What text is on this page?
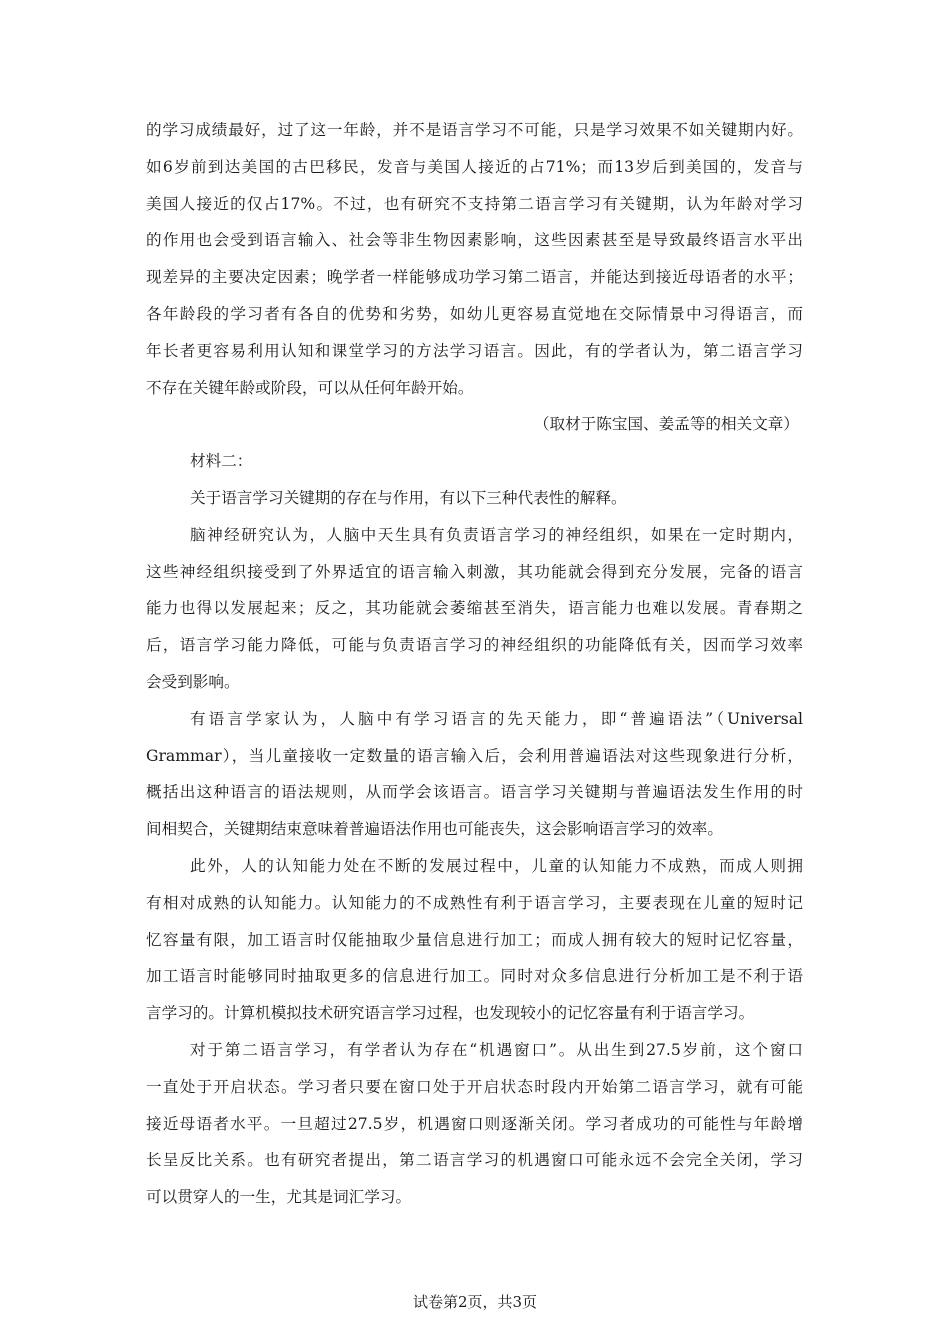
的学习成绩最好，过了这一年龄，并不是语言学习不可能，只是学习效果不如关键期内好。
如6岁前到达美国的古巴移民，发音与美国人接近的占71%；而13岁后到美国的，发音与
美国人接近的仅占17%。不过，也有研究不支持第二语言学习有关键期，认为年龄对学习
的作用也会受到语言输入、社会等非生物因素影响，这些因素甚至是导致最终语言水平出
现差异的主要决定因素；晚学者一样能够成功学习第二语言，并能达到接近母语者的水平；
各年龄段的学习者有各自的优势和劣势，如幼儿更容易直觉地在交际情景中习得语言，而
年长者更容易利用认知和课堂学习的方法学习语言。因此，有的学者认为，第二语言学习
不存在关键年龄或阶段，可以从任何年龄开始。
（取材于陈宝国、姜孟等的相关文章）
材料二：
关于语言学习关键期的存在与作用，有以下三种代表性的解释。
脑神经研究认为，人脑中天生具有负责语言学习的神经组织，如果在一定时期内，
这些神经组织接受到了外界适宜的语言输入刺激，其功能就会得到充分发展，完备的语言
能力也得以发展起来；反之，其功能就会萎缩甚至消失，语言能力也难以发展。青春期之
后，语言学习能力降低，可能与负责语言学习的神经组织的功能降低有关，因而学习效率
会受到影响。
有语言学家认为，人脑中有学习语言的先天能力，即“普遍语法”（Universal
Grammar），当儿童接收一定数量的语言输入后，会利用普遍语法对这些现象进行分析，
概括出这种语言的语法规则，从而学会该语言。语言学习关键期与普遍语法发生作用的时
间相契合，关键期结束意味着普遍语法作用也可能丧失，这会影响语言学习的效率。
此外，人的认知能力处在不断的发展过程中，儿童的认知能力不成熟，而成人则拥
有相对成熟的认知能力。认知能力的不成熟性有利于语言学习，主要表现在儿童的短时记
忆容量有限，加工语言时仅能抽取少量信息进行加工；而成人拥有较大的短时记忆容量，
加工语言时能够同时抽取更多的信息进行加工。同时对众多信息进行分析加工是不利于语
言学习的。计算机模拟技术研究语言学习过程，也发现较小的记忆容量有利于语言学习。
对于第二语言学习，有学者认为存在“机遇窗口”。从出生到27.5岁前，这个窗口
一直处于开启状态。学习者只要在窗口处于开启状态时段内开始第二语言学习，就有可能
接近母语者水平。一旦超过27.5岁，机遇窗口则逐渐关闭。学习者成功的可能性与年龄增
长呈反比关系。也有研究者提出，第二语言学习的机遇窗口可能永远不会完全关闭，学习
可以贯穿人的一生，尤其是词汇学习。
试卷第2页，共3页
